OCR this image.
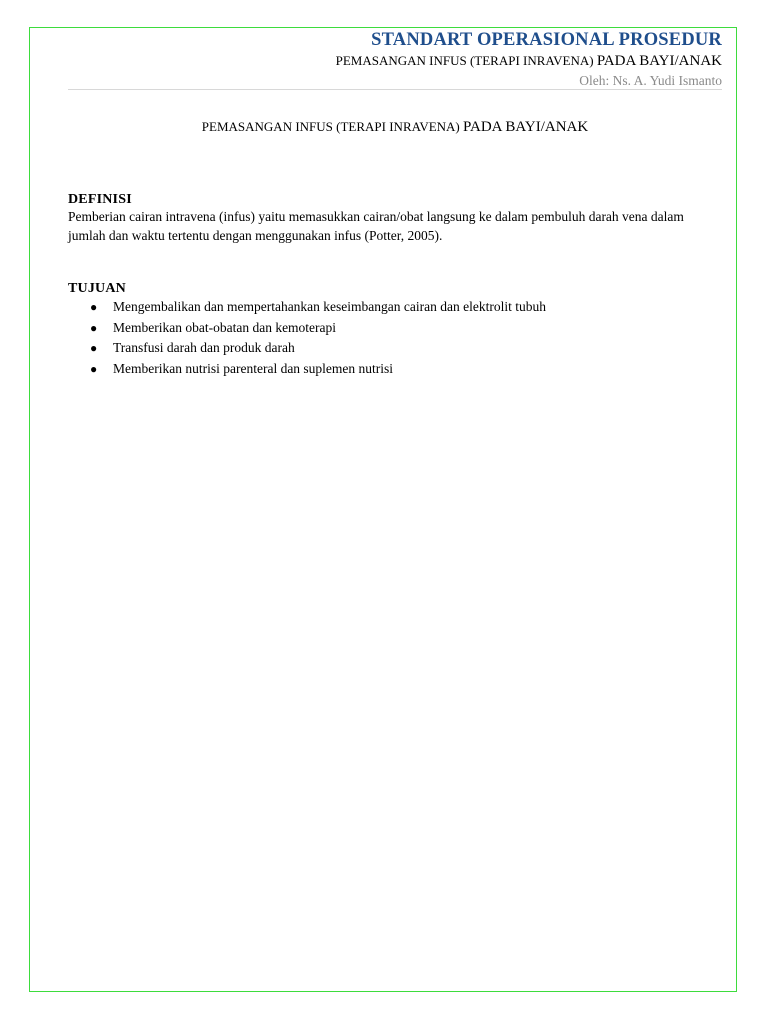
STANDART OPERASIONAL PROSEDUR
PEMASANGAN INFUS (TERAPI INRAVENA) PADA BAYI/ANAK
Oleh: Ns. A. Yudi Ismanto
PEMASANGAN INFUS (TERAPI INRAVENA) PADA BAYI/ANAK
DEFINISI
Pemberian cairan intravena (infus) yaitu memasukkan cairan/obat langsung ke dalam pembuluh darah vena dalam jumlah dan waktu tertentu dengan menggunakan infus (Potter, 2005).
TUJUAN
● Mengembalikan dan mempertahankan keseimbangan cairan dan elektrolit tubuh
● Memberikan obat-obatan dan kemoterapi
● Transfusi darah dan produk darah
● Memberikan nutrisi parenteral dan suplemen nutrisi
